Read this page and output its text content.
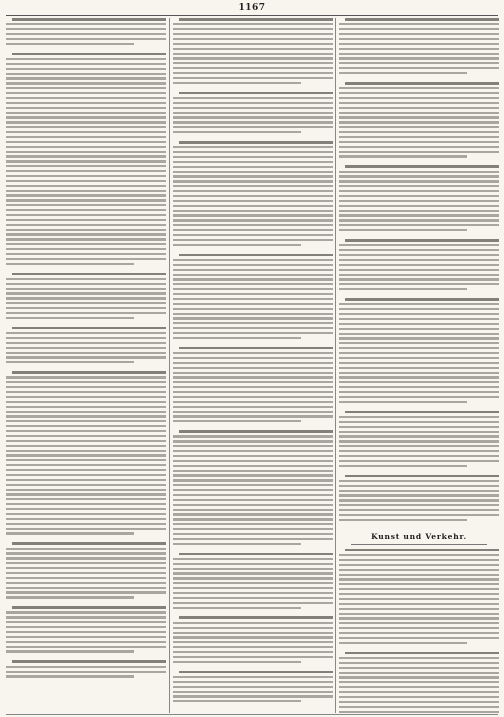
1167
Kunst und Verkehr.
